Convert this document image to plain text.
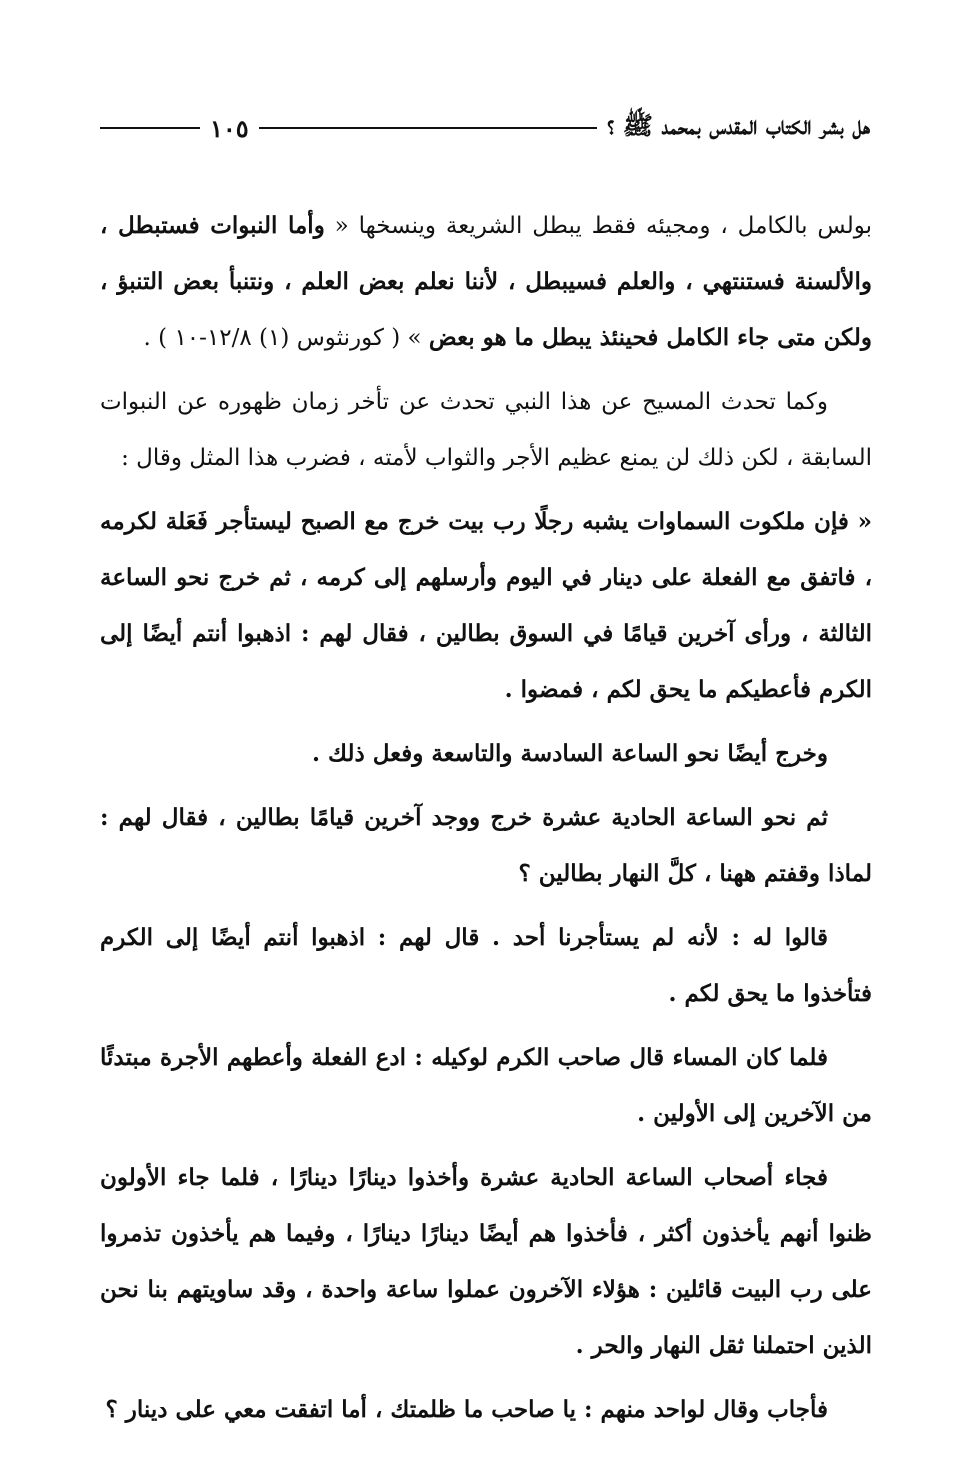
هل بشر الكتاب المقدس بمحمد ﷺ ؟
١٠٥

بولس بالكامل ، ومجيئه فقط يبطل الشريعة وينسخها « وأما النبوات فستبطل ، والألسنة فستنتهي ، والعلم فسيبطل ، لأننا نعلم بعض العلم ، ونتنبأ بعض التنبؤ ، ولكن متى جاء الكامل فحينئذ يبطل ما هو بعض » ( كورنثوس (١) ١٢/٨-١٠ ) .

وكما تحدث المسيح عن هذا النبي تحدث عن تأخر زمان ظهوره عن النبوات السابقة ، لكن ذلك لن يمنع عظيم الأجر والثواب لأمته ، فضرب هذا المثل وقال :

« فإن ملكوت السماوات يشبه رجلًا رب بيت خرج مع الصبح ليستأجر فَعَلة لكرمه ، فاتفق مع الفعلة على دينار في اليوم وأرسلهم إلى كرمه ، ثم خرج نحو الساعة الثالثة ، ورأى آخرين قيامًا في السوق بطالين ، فقال لهم : اذهبوا أنتم أيضًا إلى الكرم فأعطيكم ما يحق لكم ، فمضوا .

وخرج أيضًا نحو الساعة السادسة والتاسعة وفعل ذلك .

ثم نحو الساعة الحادية عشرة خرج ووجد آخرين قيامًا بطالين ، فقال لهم : لماذا وقفتم ههنا ، كلَّ النهار بطالين ؟

قالوا له : لأنه لم يستأجرنا أحد . قال لهم : اذهبوا أنتم أيضًا إلى الكرم فتأخذوا ما يحق لكم .

فلما كان المساء قال صاحب الكرم لوكيله : ادع الفعلة وأعطهم الأجرة مبتدئًا من الآخرين إلى الأولين .

فجاء أصحاب الساعة الحادية عشرة وأخذوا دينارًا دينارًا ، فلما جاء الأولون ظنوا أنهم يأخذون أكثر ، فأخذوا هم أيضًا دينارًا دينارًا ، وفيما هم يأخذون تذمروا على رب البيت قائلين : هؤلاء الآخرون عملوا ساعة واحدة ، وقد ساويتهم بنا نحن الذين احتملنا ثقل النهار والحر .

فأجاب وقال لواحد منهم : يا صاحب ما ظلمتك ، أما اتفقت معي على دينار ؟
